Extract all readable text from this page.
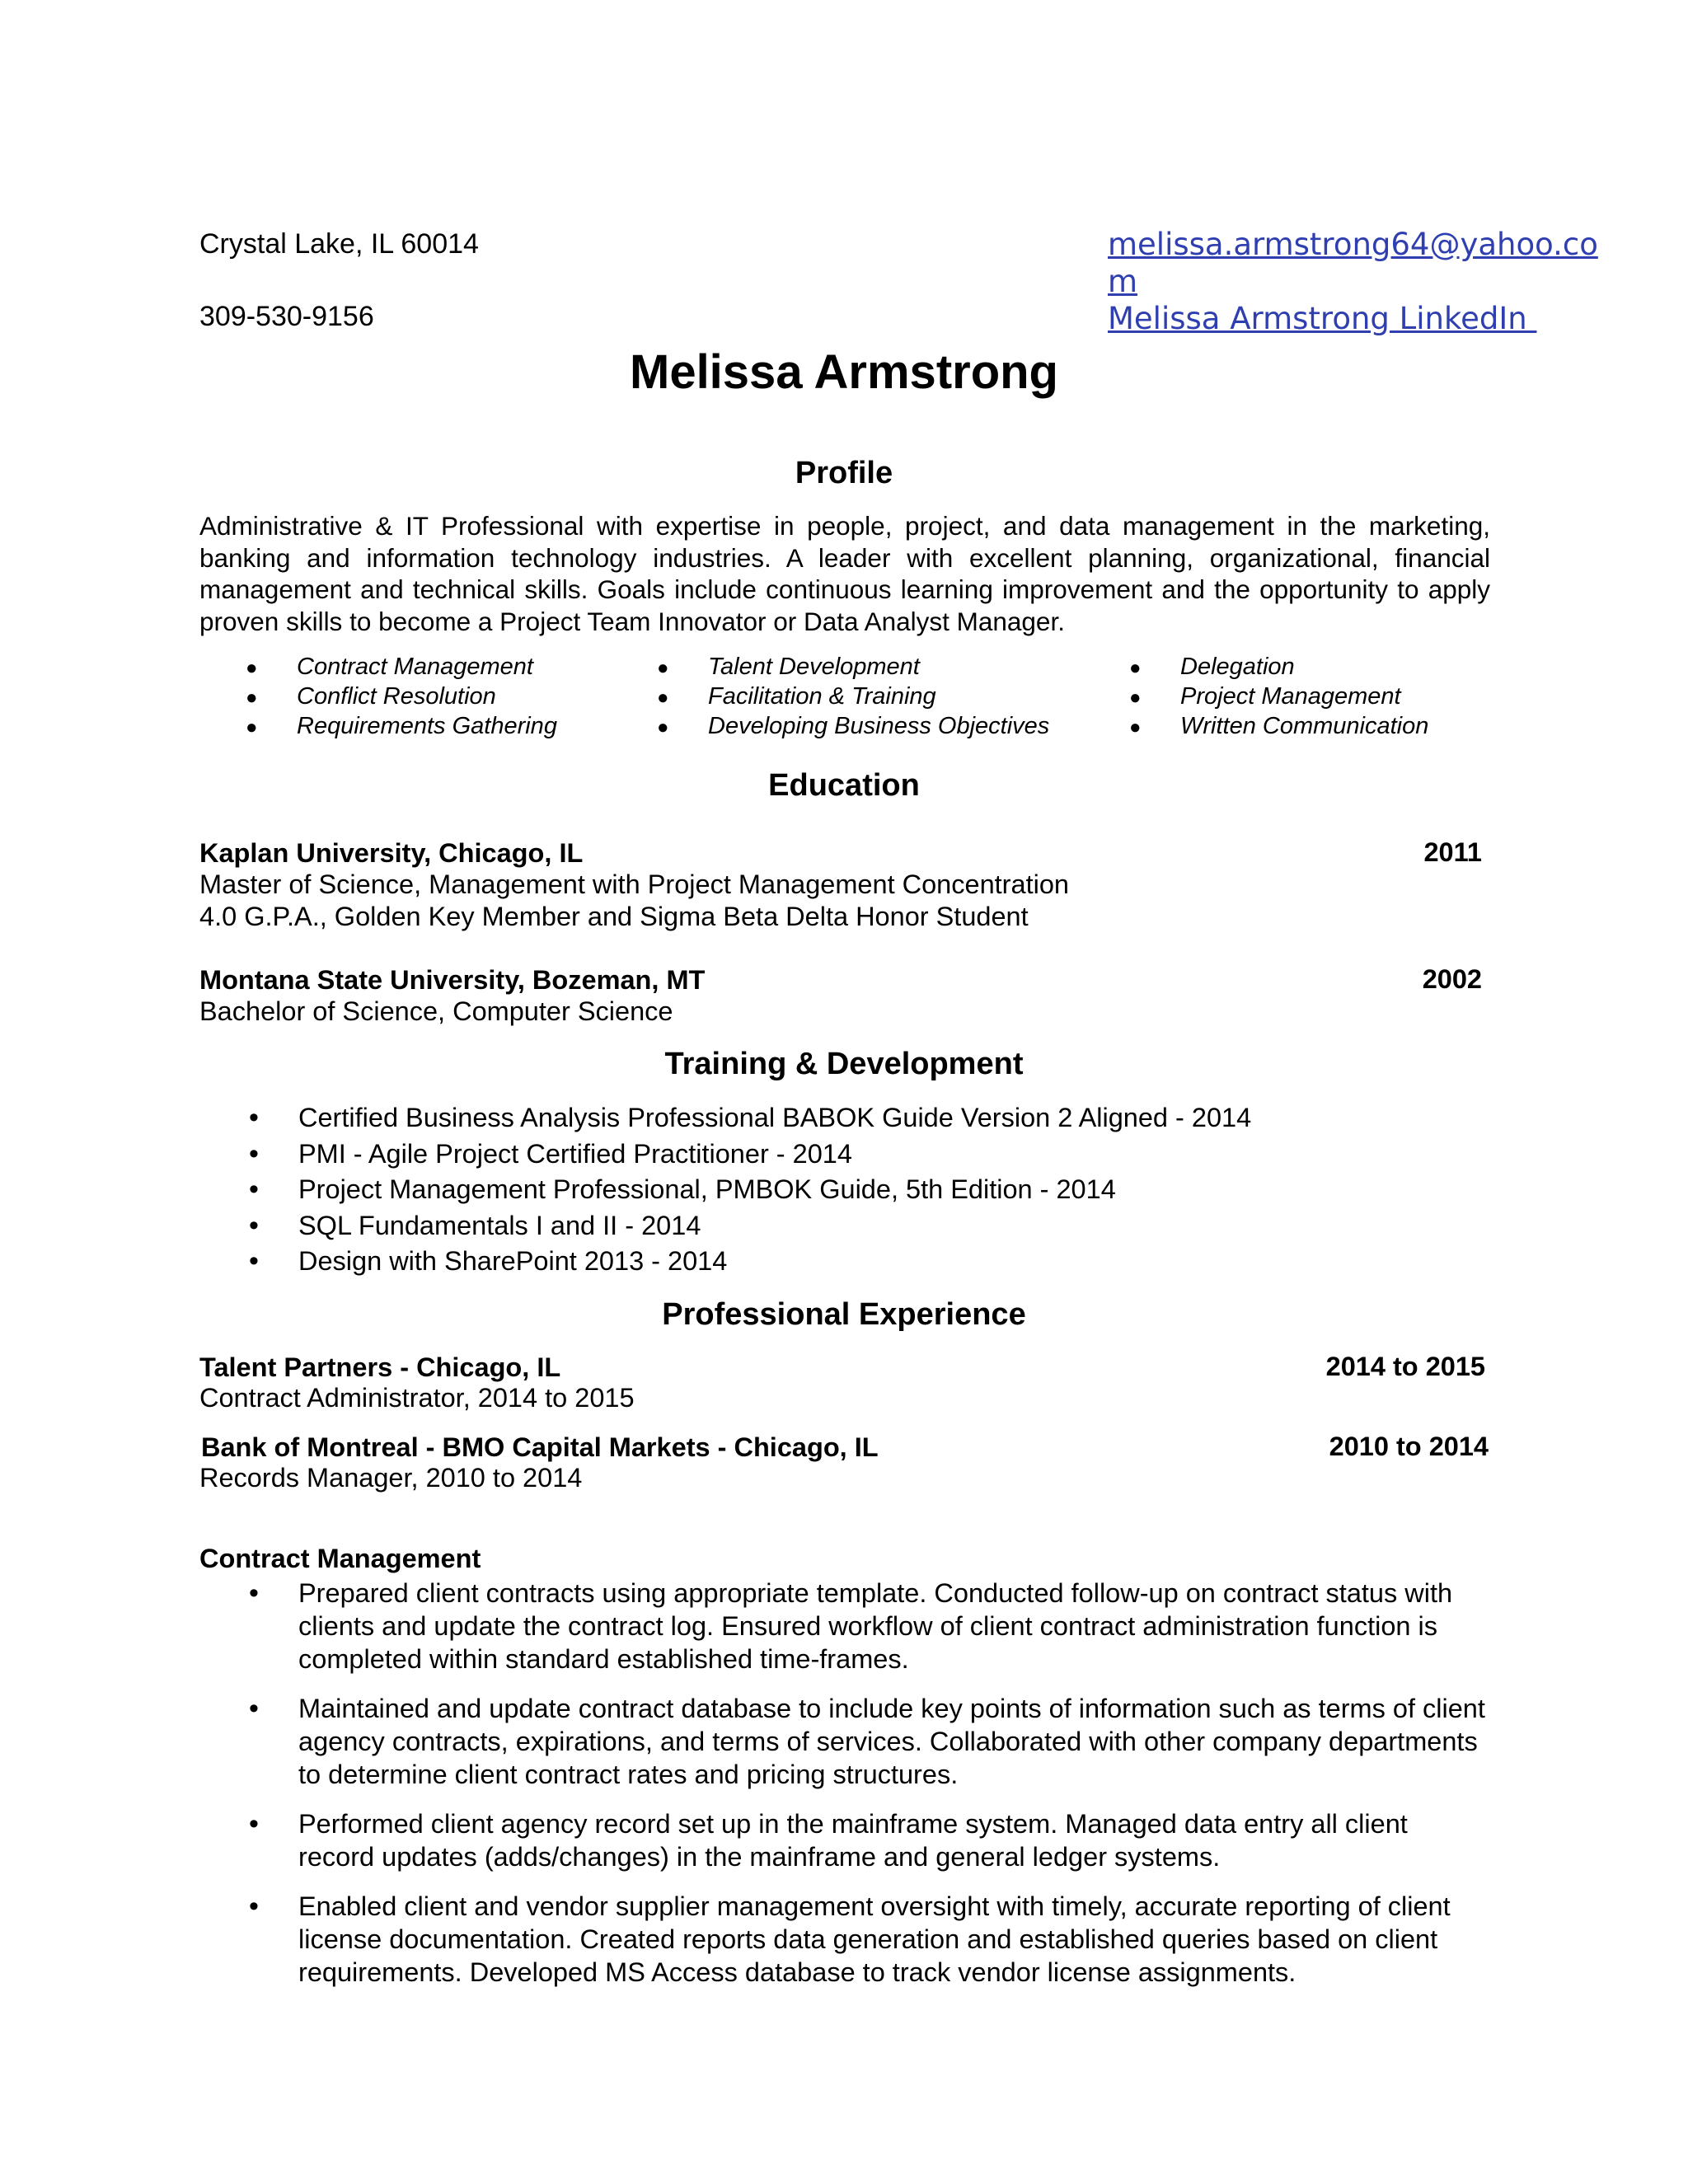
Crystal Lake, IL 60014
309-530-9156
melissa.armstrong64@yahoo.co
m
Melissa Armstrong LinkedIn
Melissa Armstrong
Profile
Administrative & IT Professional with expertise in people, project, and data management in the marketing, banking and information technology industries. A leader with excellent planning, organizational, financial management and technical skills. Goals include continuous learning improvement and the opportunity to apply proven skills to become a Project Team Innovator or Data Analyst Manager.
●
Contract Management
●
Conflict Resolution
●
Requirements Gathering
●
Talent Development
●
Facilitation & Training
●
Developing Business Objectives
●
Delegation
●
Project Management
●
Written Communication
Education
Kaplan University, Chicago, IL	2011
Master of Science, Management with Project Management Concentration
4.0 G.P.A., Golden Key Member and Sigma Beta Delta Honor Student
Montana State University, Bozeman, MT	2002
Bachelor of Science, Computer Science
Training & Development
• Certified Business Analysis Professional BABOK Guide Version 2 Aligned - 2014
• PMI - Agile Project Certified Practitioner - 2014
• Project Management Professional, PMBOK Guide, 5th Edition - 2014
• SQL Fundamentals I and II - 2014
• Design with SharePoint 2013 - 2014
Professional Experience
Talent Partners - Chicago, IL	2014 to 2015
Contract Administrator, 2014 to 2015
Bank of Montreal - BMO Capital Markets - Chicago, IL	2010 to 2014
Records Manager, 2010 to 2014
Contract Management
• Prepared client contracts using appropriate template. Conducted follow-up on contract status with clients and update the contract log. Ensured workflow of client contract administration function is completed within standard established time-frames.
• Maintained and update contract database to include key points of information such as terms of client agency contracts, expirations, and terms of services. Collaborated with other company departments to determine client contract rates and pricing structures.
• Performed client agency record set up in the mainframe system. Managed data entry all client record updates (adds/changes) in the mainframe and general ledger systems.
• Enabled client and vendor supplier management oversight with timely, accurate reporting of client license documentation. Created reports data generation and established queries based on client requirements. Developed MS Access database to track vendor license assignments.
